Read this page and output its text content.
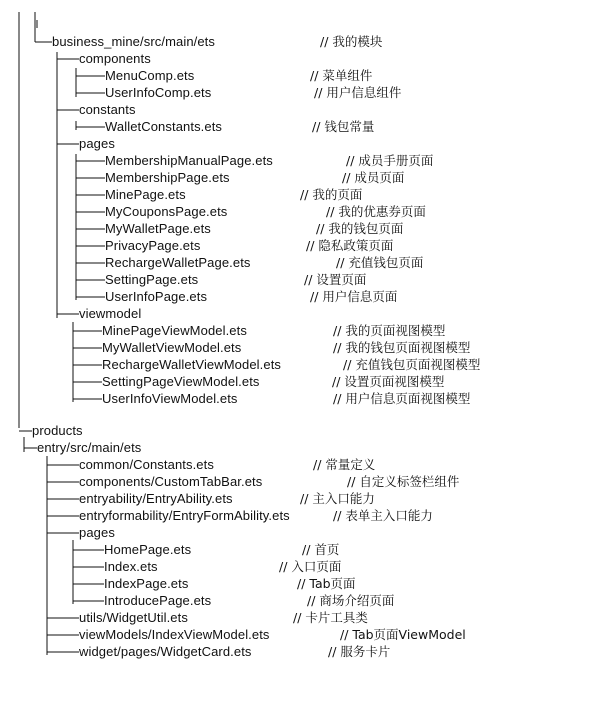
business_mine/src/main/ets	// 我的模块
components
MenuComp.ets	// 菜单组件
UserInfoComp.ets	// 用户信息组件
constants
WalletConstants.ets	// 钱包常量
pages
MembershipManualPage.ets	// 成员手册页面
MembershipPage.ets	// 成员页面
MinePage.ets	// 我的页面
MyCouponsPage.ets	// 我的优惠券页面
MyWalletPage.ets	// 我的钱包页面
PrivacyPage.ets	// 隐私政策页面
RechargeWalletPage.ets	// 充值钱包页面
SettingPage.ets	// 设置页面
UserInfoPage.ets	// 用户信息页面
viewmodel
MinePageViewModel.ets	// 我的页面视图模型
MyWalletViewModel.ets	// 我的钱包页面视图模型
RechargeWalletViewModel.ets	// 充值钱包页面视图模型
SettingPageViewModel.ets	// 设置页面视图模型
UserInfoViewModel.ets	// 用户信息页面视图模型
products
entry/src/main/ets
common/Constants.ets	// 常量定义
components/CustomTabBar.ets	// 自定义标签栏组件
entryability/EntryAbility.ets	// 主入口能力
entryformability/EntryFormAbility.ets	// 表单主入口能力
pages
HomePage.ets	// 首页
Index.ets	// 入口页面
IndexPage.ets	// Tab页面
IntroducePage.ets	// 商场介绍页面
utils/WidgetUtil.ets	// 卡片工具类
viewModels/IndexViewModel.ets	// Tab页面ViewModel
widget/pages/WidgetCard.ets	// 服务卡片
